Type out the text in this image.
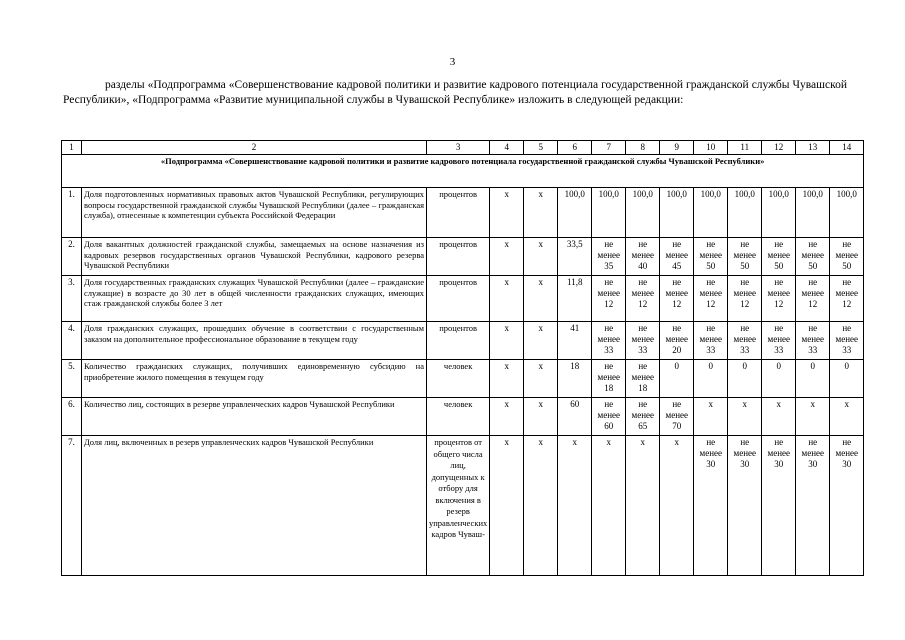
3
разделы «Подпрограмма «Совершенствование кадровой политики и развитие кадрового потенциала государственной гражданской службы Чувашской Республики», «Подпрограмма «Развитие муниципальной службы в Чувашской Республике» изложить в следующей редакции:
1	2	3	4	5	6	7	8	9	10	11	12	13	14
«Подпрограмма «Совершенствование кадровой политики и развитие кадрового потенциала государственной гражданской службы Чувашской Республики»													
1.	Доля подготовленных нормативных правовых актов Чувашской Республики, регулирующих вопросы государственной гражданской службы Чувашской Республики (далее – гражданская служба), отнесенные к компетенции субъекта Российской Федерации	процентов	х	х	100,0	100,0	100,0	100,0	100,0	100,0	100,0	100,0	100,0
2.	Доля вакантных должностей гражданской службы, замещаемых на основе назначения из кадровых резервов государственных органов Чувашской Республики, кадрового резерва Чувашской Республики	процентов	х	х	33,5	не менее 35	не менее 40	не менее 45	не менее 50	не менее 50	не менее 50	не менее 50	не менее 50
3.	Доля государственных гражданских служащих Чувашской Республики (далее – гражданские служащие) в возрасте до 30 лет в общей численности гражданских служащих, имеющих стаж гражданской службы более 3 лет	процентов	х	х	11,8	не менее 12	не менее 12	не менее 12	не менее 12	не менее 12	не менее 12	не менее 12	не менее 12
4.	Доля гражданских служащих, прошедших обучение в соответствии с государственным заказом на дополнительное профессиональное образование в текущем году	процентов	х	х	41	не менее 33	не менее 33	не менее 20	не менее 33	не менее 33	не менее 33	не менее 33	не менее 33
5.	Количество гражданских служащих, получивших единовременную субсидию на приобретение жилого помещения в текущем году	человек	х	х	18	не менее 18	не менее 18	0	0	0	0	0	0
6.	Количество лиц, состоящих в резерве управленческих кадров Чувашской Республики	человек	х	х	60	не менее 60	не менее 65	не менее 70	х	х	х	х	х
7.	Доля лиц, включенных в резерв управленческих кадров Чувашской Республики	процентов от общего числа лиц, допущенных к отбору для включения в резерв управленческих кадров Чуваш-	х	х	х	х	х	х	не менее 30	не менее 30	не менее 30	не менее 30	не менее 30
